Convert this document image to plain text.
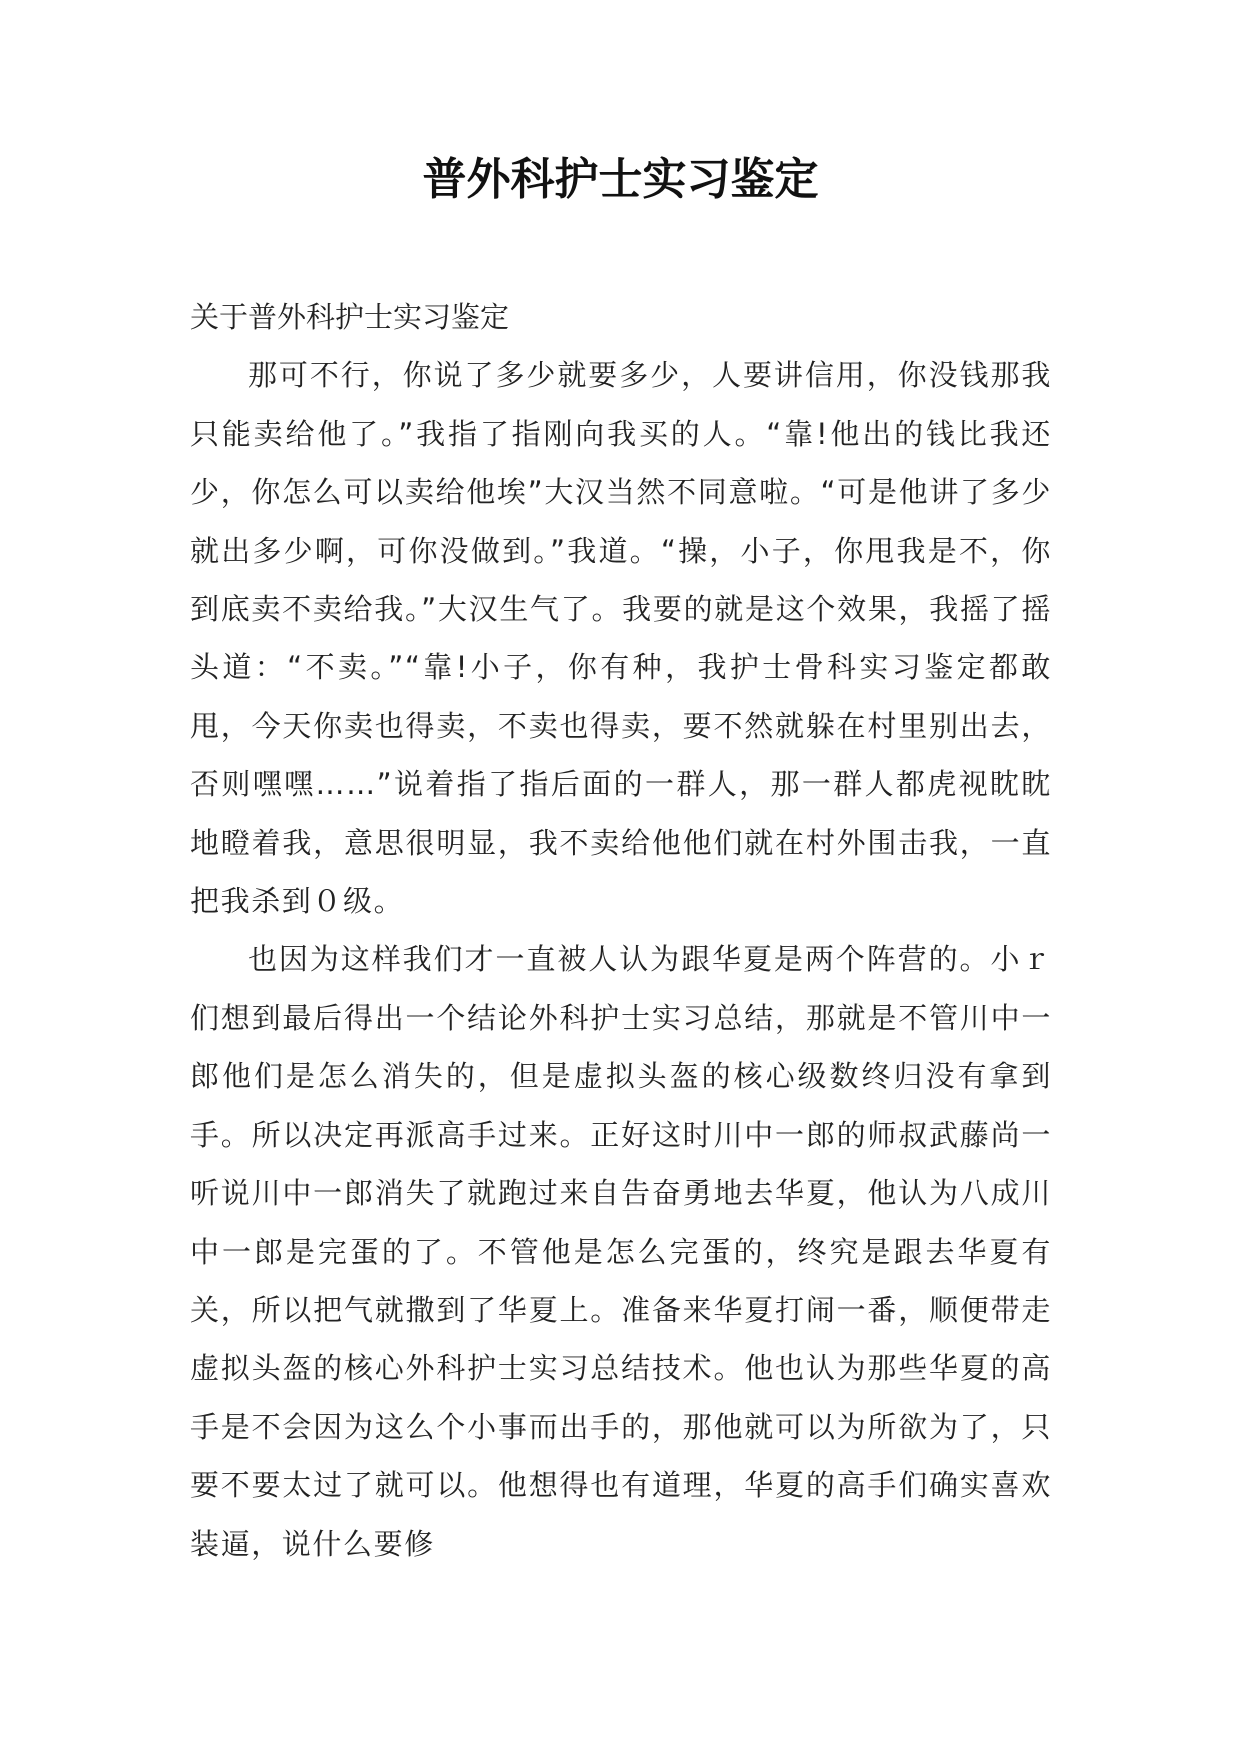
普外科护士实习鉴定

关于普外科护士实习鉴定

那可不行，你说了多少就要多少，人要讲信用，你没钱那我只能卖给他了。”我指了指刚向我买的人。“靠!他出的钱比我还少，你怎么可以卖给他埃”大汉当然不同意啦。“可是他讲了多少就出多少啊，可你没做到。”我道。“操，小子，你甩我是不，你到底卖不卖给我。”大汉生气了。我要的就是这个效果，我摇了摇头道：“不卖。”“靠!小子，你有种，我护士骨科实习鉴定都敢甩，今天你卖也得卖，不卖也得卖，要不然就躲在村里别出去，否则嘿嘿……”说着指了指后面的一群人，那一群人都虎视眈眈地瞪着我，意思很明显，我不卖给他他们就在村外围击我，一直把我杀到０级。

也因为这样我们才一直被人认为跟华夏是两个阵营的。小ｒ们想到最后得出一个结论外科护士实习总结，那就是不管川中一郎他们是怎么消失的，但是虚拟头盔的核心级数终归没有拿到手。所以决定再派高手过来。正好这时川中一郎的师叔武藤尚一听说川中一郎消失了就跑过来自告奋勇地去华夏，他认为八成川中一郎是完蛋的了。不管他是怎么完蛋的，终究是跟去华夏有关，所以把气就撒到了华夏上。准备来华夏打闹一番，顺便带走虚拟头盔的核心外科护士实习总结技术。他也认为那些华夏的高手是不会因为这么个小事而出手的，那他就可以为所欲为了，只要不要太过了就可以。他想得也有道理，华夏的高手们确实喜欢装逼，说什么要修
